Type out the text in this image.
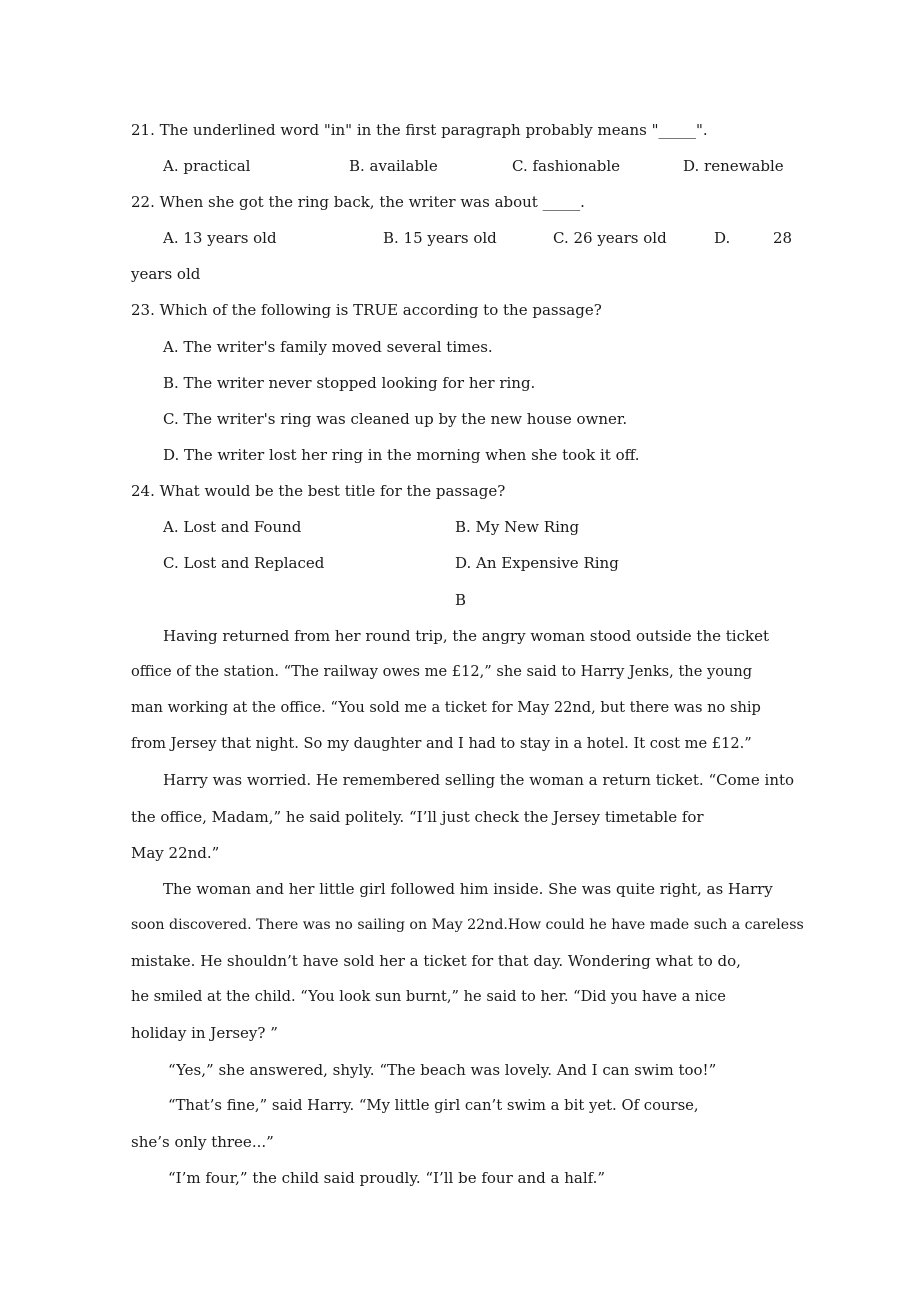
21. The underlined word "in" in the first paragraph probably means "_____".
A. practical	B. available	C. fashionable	D. renewable
22. When she got the ring back, the writer was about _____.
A. 13 years old	B. 15 years old	C. 26 years old	D.	28
years old
23. Which of the following is TRUE according to the passage?
A. The writer's family moved several times.
B. The writer never stopped looking for her ring.
C. The writer's ring was cleaned up by the new house owner.
D. The writer lost her ring in the morning when she took it off.
24. What would be the best title for the passage?
A. Lost and Found	B. My New Ring
C. Lost and Replaced	D. An Expensive Ring
B
Having returned from her round trip, the angry woman stood outside the ticket
office of the station. “The railway owes me £12,” she said to Harry Jenks, the young
man working at the office. “You sold me a ticket for May 22nd, but there was no ship
from Jersey that night. So my daughter and I had to stay in a hotel. It cost me £12.”
Harry was worried. He remembered selling the woman a return ticket. “Come into
the office, Madam,” he said politely. “I’ll just check the Jersey timetable for
May 22nd.”
The woman and her little girl followed him inside. She was quite right, as Harry
soon discovered. There was no sailing on May 22nd.How could he have made such a careless
mistake. He shouldn’t have sold her a ticket for that day. Wondering what to do,
he smiled at the child. “You look sun burnt,” he said to her. “Did you have a nice
holiday in Jersey? ”
“Yes,” she answered, shyly. “The beach was lovely. And I can swim too!”
“That’s fine,” said Harry. “My little girl can’t swim a bit yet. Of course,
she’s only three...”
“I’m four,” the child said proudly. “I’ll be four and a half.”
